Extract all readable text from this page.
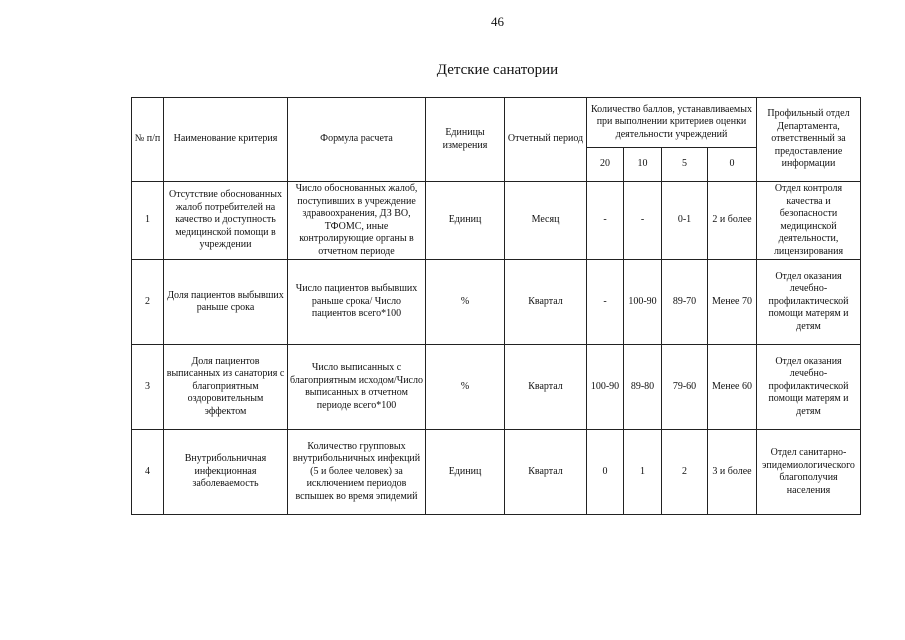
46
Детские санатории
№ п/п	Наименование критерия	Формула расчета	Единицы измерения	Отчетный период	Количество баллов, устанавливаемых при выполнении критериев оценки деятельности учреждений				Профильный отдел Департамента, ответственный за предоставление информации
					20	10	5	0	
1	Отсутствие обоснованных жалоб потребителей на качество и доступность медицинской помощи в учреждении	Число обоснованных жалоб, поступивших в учреждение здравоохранения, ДЗ ВО, ТФОМС, иные контролирующие органы в отчетном периоде	Единиц	Месяц	-	-	0-1	2 и более	Отдел контроля качества и безопасности медицинской деятельности, лицензирования
2	Доля пациентов выбывших раньше срока	Число пациентов выбывших раньше срока/ Число пациентов всего*100	%	Квартал	-	100-90	89-70	Менее 70	Отдел оказания лечебно-профилактической помощи матерям и детям
3	Доля пациентов выписанных из санатория с благоприятным оздоровительным эффектом	Число выписанных с благоприятным исходом/Число выписанных в отчетном периоде всего*100	%	Квартал	100-90	89-80	79-60	Менее 60	Отдел оказания лечебно-профилактической помощи матерям и детям
4	Внутрибольничная инфекционная заболеваемость	Количество групповых внутрибольничных инфекций (5 и более человек) за исключением периодов вспышек во время эпидемий	Единиц	Квартал	0	1	2	3 и более	Отдел санитарно-эпидемиологического благополучия населения
